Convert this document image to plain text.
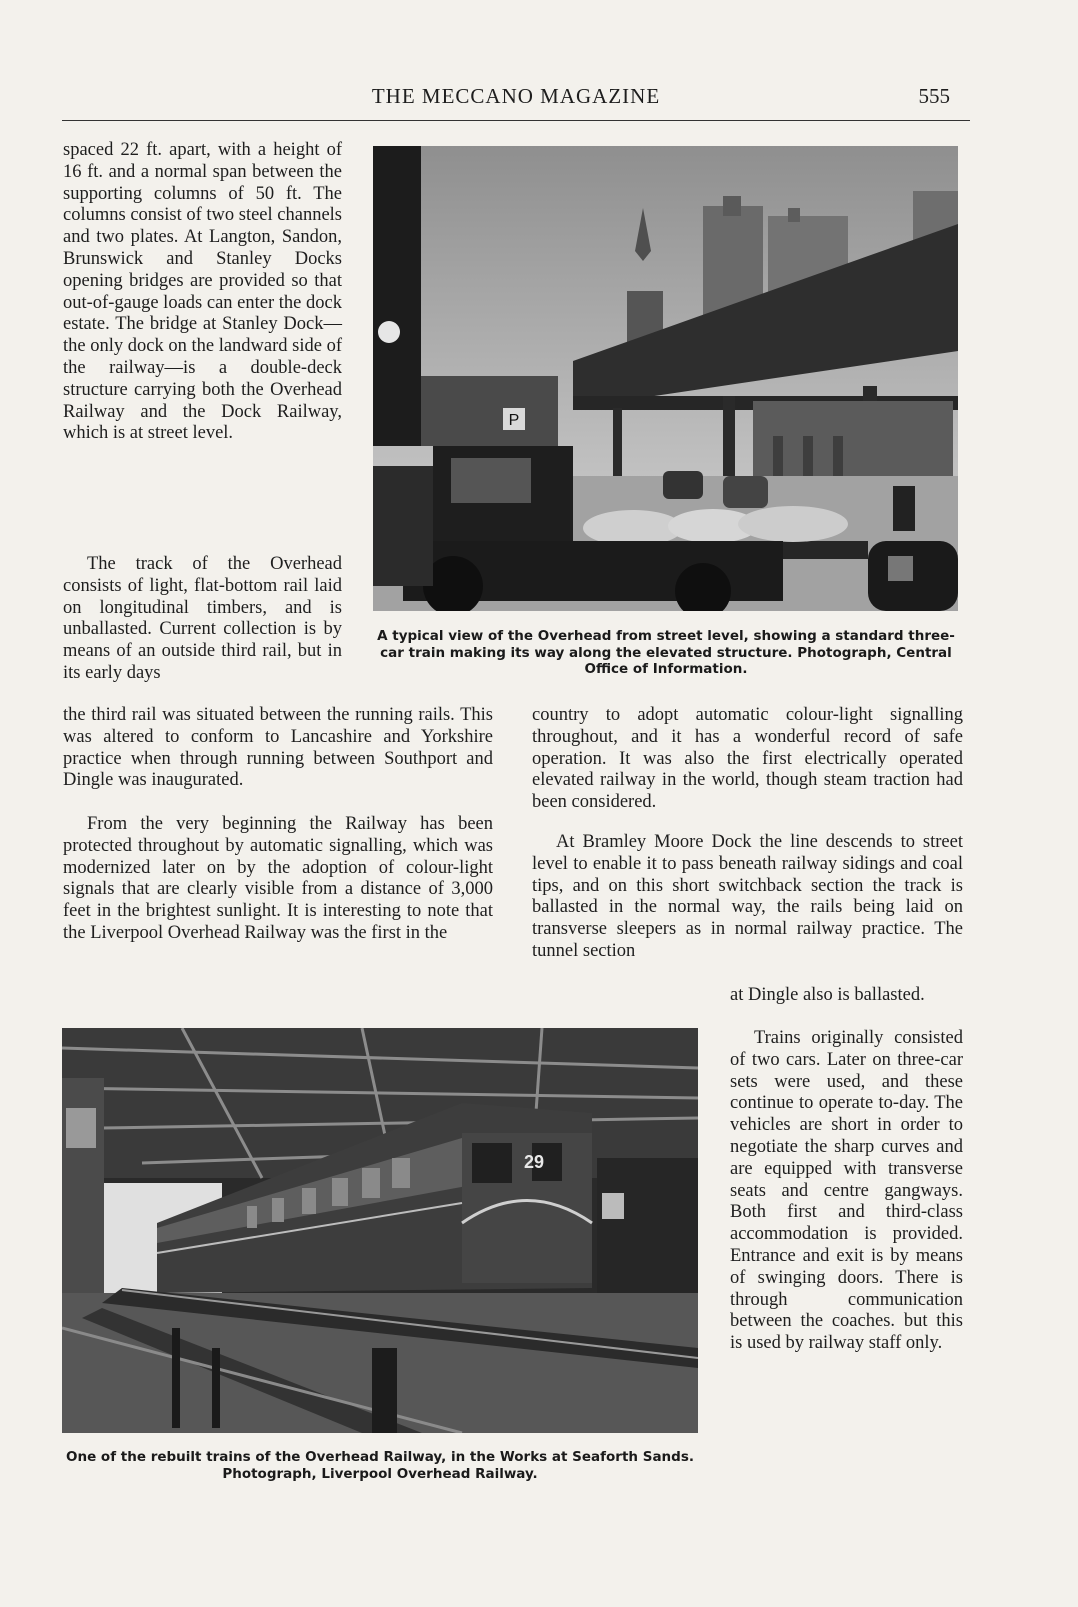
THE MECCANO MAGAZINE	555

spaced 22 ft. apart, with a height of 16 ft. and a normal span between the supporting columns of 50 ft. The columns consist of two steel channels and two plates. At Langton, Sandon, Brunswick and Stanley Docks opening bridges are provided so that out-of-gauge loads can enter the dock estate. The bridge at Stanley Dock—the only dock on the landward side of the railway—is a double-deck structure carrying both the Overhead Railway and the Dock Railway, which is at street level.

The track of the Overhead consists of light, flat-bottom rail laid on longitudinal timbers, and is unballasted. Current collection is by means of an outside third rail, but in its early days

P

A typical view of the Overhead from street level, showing a standard three-car train making its way along the elevated structure. Photograph, Central Office of Information.

the third rail was situated between the running rails. This was altered to conform to Lancashire and Yorkshire practice when through running between Southport and Dingle was inaugurated.

From the very beginning the Railway has been protected throughout by automatic signalling, which was modernized later on by the adoption of colour-light signals that are clearly visible from a distance of 3,000 feet in the brightest sunlight. It is interesting to note that the Liverpool Overhead Railway was the first in the

country to adopt automatic colour-light signalling throughout, and it has a wonderful record of safe operation. It was also the first electrically operated elevated railway in the world, though steam traction had been considered.

At Bramley Moore Dock the line descends to street level to enable it to pass beneath railway sidings and coal tips, and on this short switchback section the track is ballasted in the normal way, the rails being laid on transverse sleepers as in normal railway practice. The tunnel section

at Dingle also is ballasted.

29

One of the rebuilt trains of the Overhead Railway, in the Works at Seaforth Sands. Photograph, Liverpool Overhead Railway.

Trains originally consisted of two cars. Later on three-car sets were used, and these continue to operate to-day. The vehicles are short in order to negotiate the sharp curves and are equipped with transverse seats and centre gangways. Both first and third-class accommodation is provided. Entrance and exit is by means of swinging doors. There is through communication between the coaches. but this is used by railway staff only.
